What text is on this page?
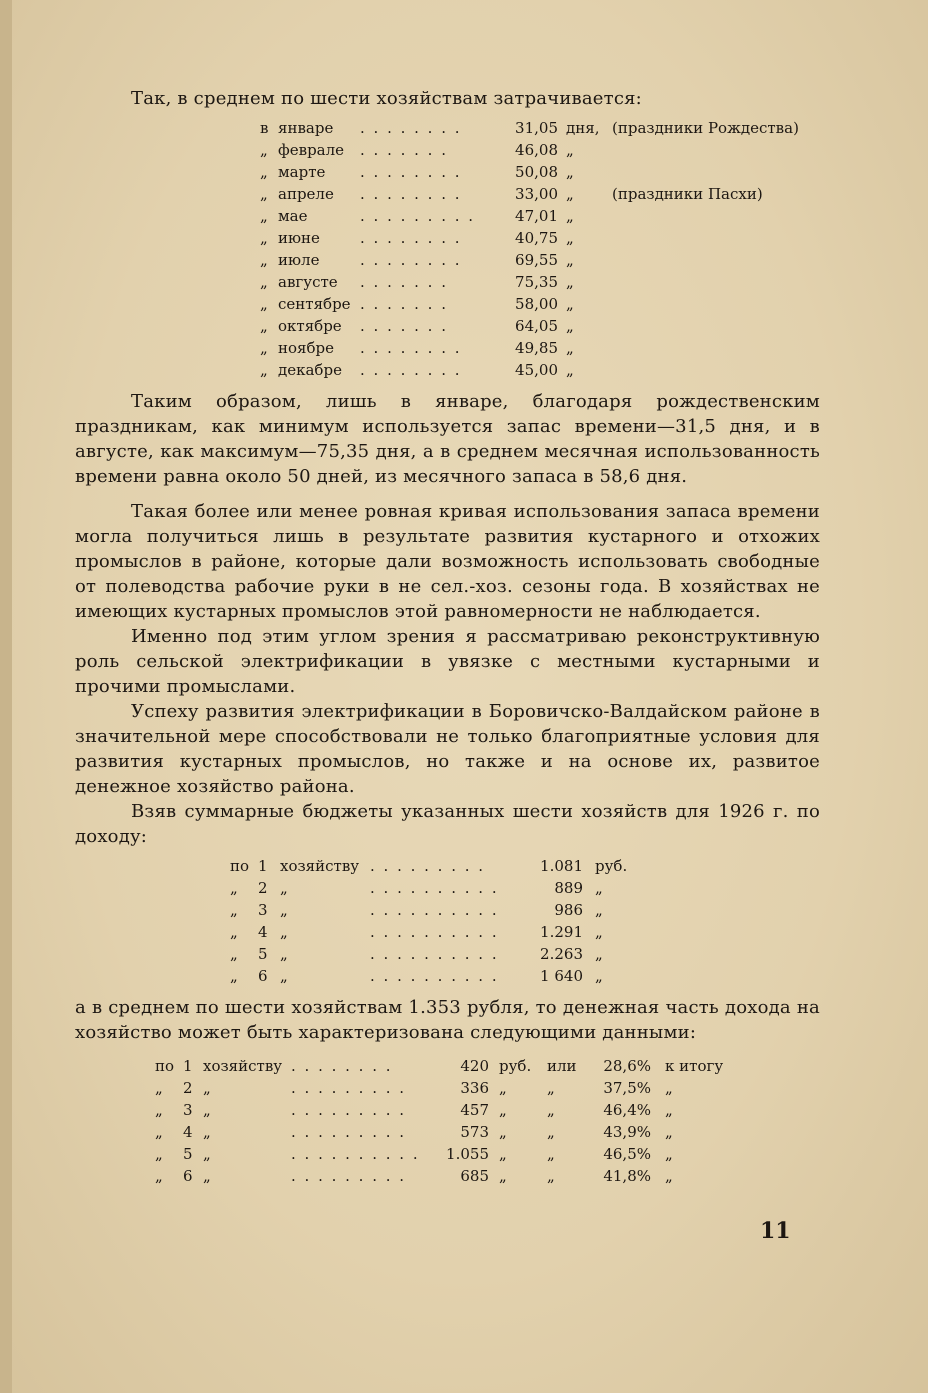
Так, в среднем по шести хозяйствам затрачивается:

в	январе	. . . . . . . .	31,05	дня,	(праздники Рождества)
„	феврале	. . . . . . .	46,08	„	
„	марте	. . . . . . . .	50,08	„	
„	апреле	. . . . . . . .	33,00	„	(праздники Пасхи)
„	мае	. . . . . . . . .	47,01	„	
„	июне	. . . . . . . .	40,75	„	
„	июле	. . . . . . . .	69,55	„	
„	августе	. . . . . . .	75,35	„	
„	сентябре	. . . . . . .	58,00	„	
„	октябре	. . . . . . .	64,05	„	
„	ноябре	. . . . . . . .	49,85	„	
„	декабре	. . . . . . . .	45,00	„	

Таким образом, лишь в январе, благодаря рождественским праздникам, как минимум используется запас времени—31,5 дня, и в августе, как максимум—75,35 дня, а в среднем месячная использованность времени равна около 50 дней, из месячного запаса в 58,6 дня.

Такая более или менее ровная кривая использования запаса времени могла получиться лишь в результате развития кустарного и отхожих промыслов в районе, которые дали возможность использовать свободные от полеводства рабочие руки в не сел.-хоз. сезоны года. В хозяйствах не имеющих кустарных промыслов этой равномерности не наблюдается.

Именно под этим углом зрения я рассматриваю реконструктивную роль сельской электрификации в увязке с местными кустарными и прочими промыслами.

Успеху развития электрификации в Боровичско-Валдайском районе в значительной мере способствовали не только благоприятные условия для развития кустарных промыслов, но также и на основе их, развитое денежное хозяйство района.

Взяв суммарные бюджеты указанных шести хозяйств для 1926 г. по доходу:

по	1	хозяйству	. . . . . . . . .	1.081	руб.
„	2	„	. . . . . . . . . .	889	„
„	3	„	. . . . . . . . . .	986	„
„	4	„	. . . . . . . . . .	1.291	„
„	5	„	. . . . . . . . . .	2.263	„
„	6	„	. . . . . . . . . .	1 640	„

а в среднем по шести хозяйствам 1.353 рубля, то денежная часть дохода на хозяйство может быть характеризована следующими данными:

по	1	хозяйству	. . . . . . . .	420	руб.	или	28,6%	к итогу
„	2	„	. . . . . . . . .	336	„	„	37,5%	„
„	3	„	. . . . . . . . .	457	„	„	46,4%	„
„	4	„	. . . . . . . . .	573	„	„	43,9%	„
„	5	„	. . . . . . . . . .	1.055	„	„	46,5%	„
„	6	„	. . . . . . . . .	685	„	„	41,8%	„
11
